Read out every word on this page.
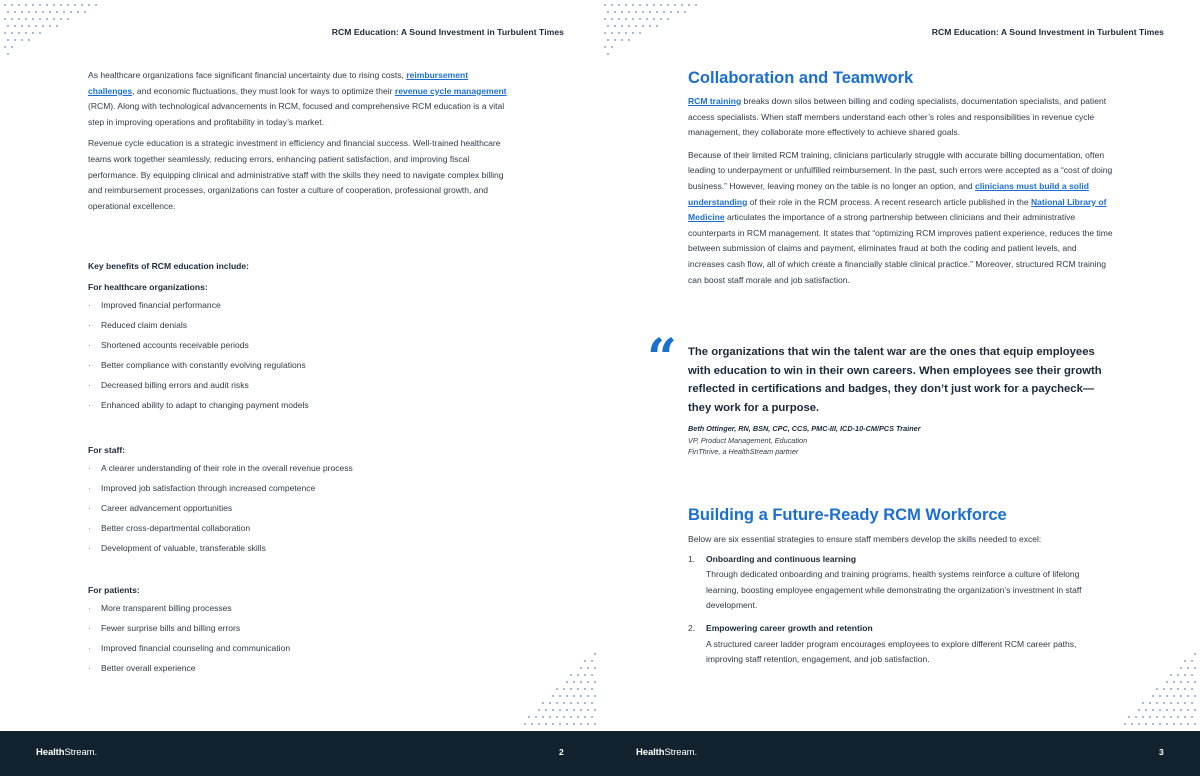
RCM Education: A Sound Investment in Turbulent Times

As healthcare organizations face significant financial uncertainty due to rising costs, reimbursement challenges, and economic fluctuations, they must look for ways to optimize their revenue cycle management (RCM). Along with technological advancements in RCM, focused and comprehensive RCM education is a vital step in improving operations and profitability in today’s market.

Revenue cycle education is a strategic investment in efficiency and financial success. Well-trained healthcare teams work together seamlessly, reducing errors, enhancing patient satisfaction, and improving fiscal performance. By equipping clinical and administrative staff with the skills they need to navigate complex billing and reimbursement processes, organizations can foster a culture of cooperation, professional growth, and operational excellence.

Key benefits of RCM education include:
For healthcare organizations:
· Improved financial performance
· Reduced claim denials
· Shortened accounts receivable periods
· Better compliance with constantly evolving regulations
· Decreased billing errors and audit risks
· Enhanced ability to adapt to changing payment models
For staff:
· A clearer understanding of their role in the overall revenue process
· Improved job satisfaction through increased competence
· Career advancement opportunities
· Better cross-departmental collaboration
· Development of valuable, transferable skills
For patients:
· More transparent billing processes
· Fewer surprise bills and billing errors
· Improved financial counseling and communication
· Better overall experience
HealthStream.	2
RCM Education: A Sound Investment in Turbulent Times
Collaboration and Teamwork

RCM training breaks down silos between billing and coding specialists, documentation specialists, and patient access specialists. When staff members understand each other’s roles and responsibilities in revenue cycle management, they collaborate more effectively to achieve shared goals.

Because of their limited RCM training, clinicians particularly struggle with accurate billing documentation, often leading to underpayment or unfulfilled reimbursement. In the past, such errors were accepted as a “cost of doing business.” However, leaving money on the table is no longer an option, and clinicians must build a solid understanding of their role in the RCM process. A recent research article published in the National Library of Medicine articulates the importance of a strong partnership between clinicians and their administrative counterparts in RCM management. It states that “optimizing RCM improves patient experience, reduces the time between submission of claims and payment, eliminates fraud at both the coding and patient levels, and increases cash flow, all of which create a financially stable clinical practice.” Moreover, structured RCM training can boost staff morale and job satisfaction.

“ The organizations that win the talent war are the ones that equip employees with education to win in their own careers. When employees see their growth reflected in certifications and badges, they don’t just work for a paycheck—they work for a purpose.
Beth Ottinger, RN, BSN, CPC, CCS, PMC-III, ICD-10-CM/PCS Trainer
VP, Product Management, Education
FinThrive, a HealthStream partner
Building a Future-Ready RCM Workforce
Below are six essential strategies to ensure staff members develop the skills needed to excel:
1. Onboarding and continuous learning
Through dedicated onboarding and training programs, health systems reinforce a culture of lifelong learning, boosting employee engagement while demonstrating the organization’s investment in staff development.
2. Empowering career growth and retention
A structured career ladder program encourages employees to explore different RCM career paths, improving staff retention, engagement, and job satisfaction.
HealthStream.	3
